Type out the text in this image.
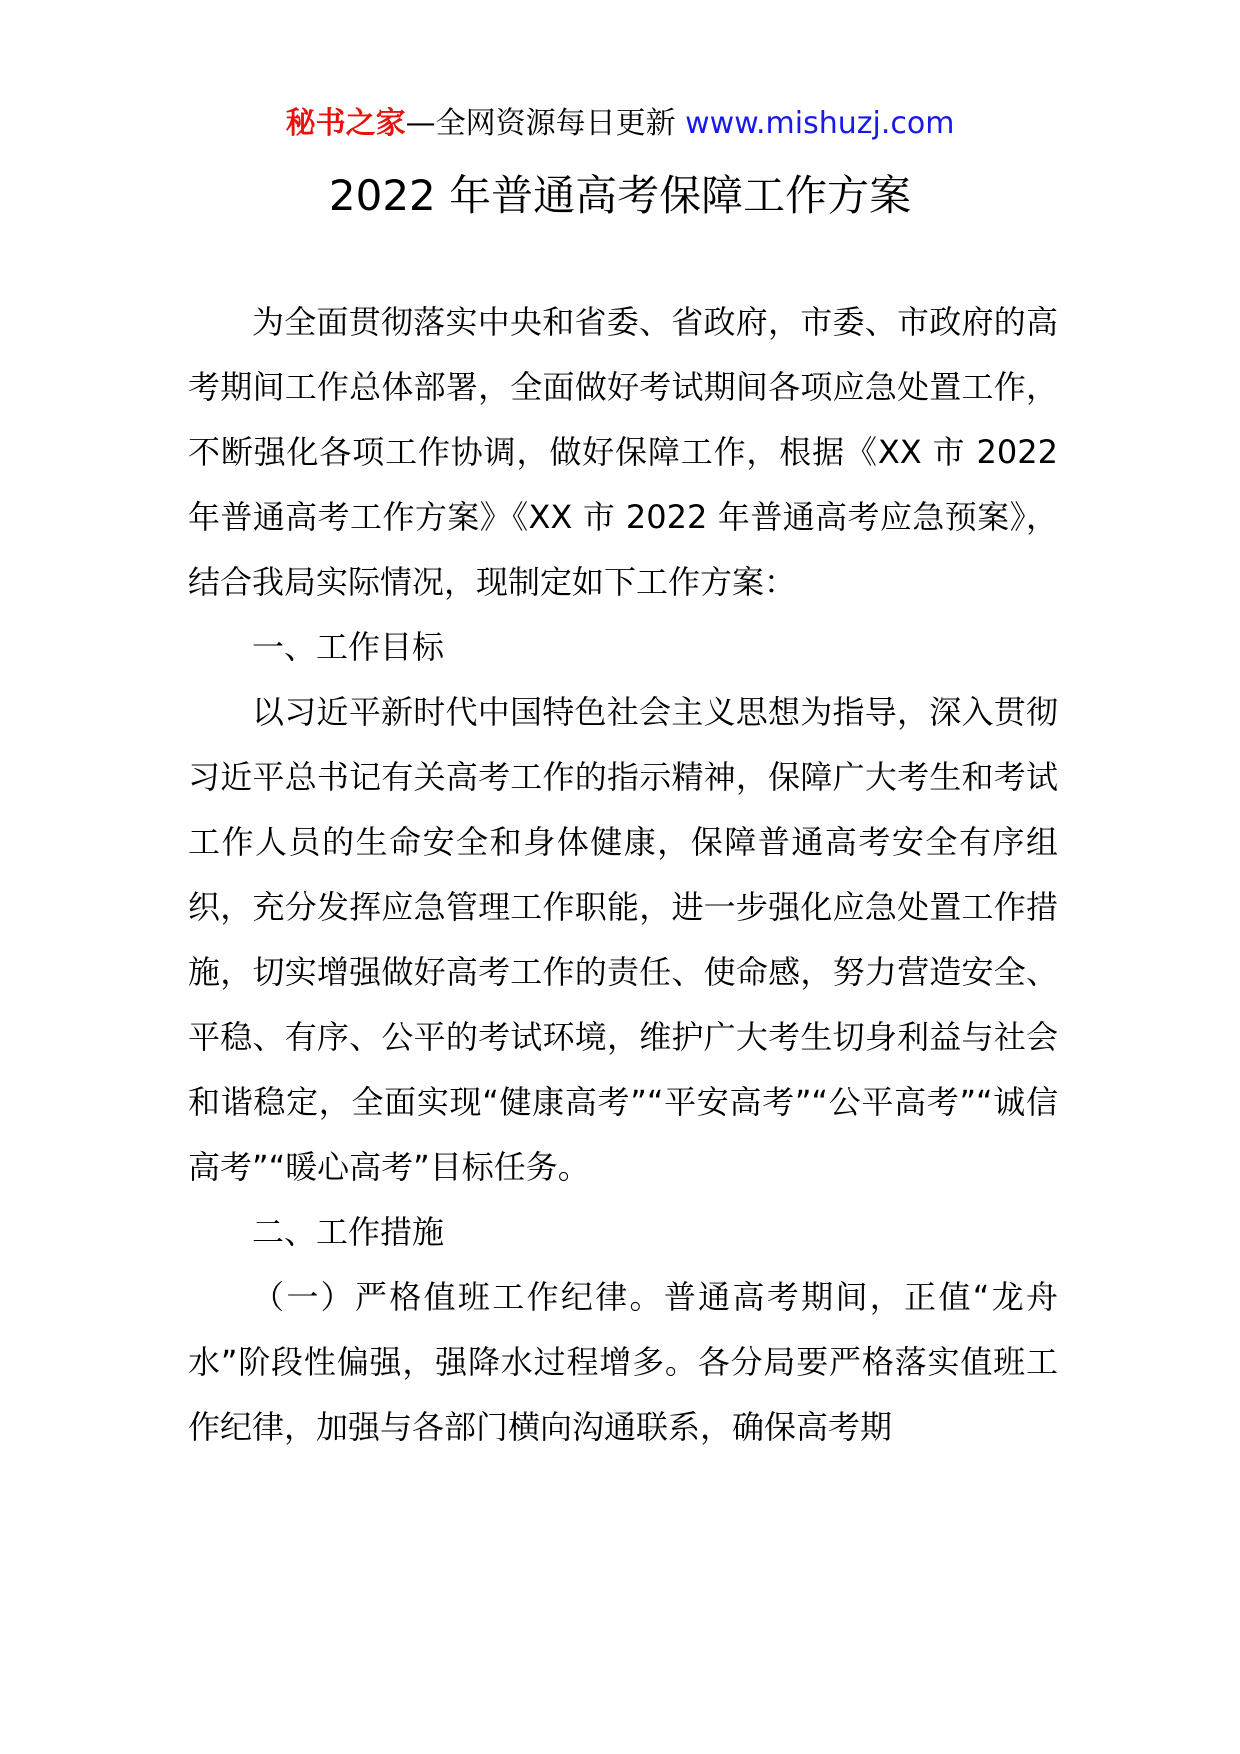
秘书之家—全网资源每日更新 www.mishuzj.com
2022 年普通高考保障工作方案

为全面贯彻落实中央和省委、省政府，市委、市政府的高考期间工作总体部署，全面做好考试期间各项应急处置工作，不断强化各项工作协调，做好保障工作，根据《XX 市 2022 年普通高考工作方案》《XX 市 2022 年普通高考应急预案》，结合我局实际情况，现制定如下工作方案：

一、工作目标

以习近平新时代中国特色社会主义思想为指导，深入贯彻习近平总书记有关高考工作的指示精神，保障广大考生和考试工作人员的生命安全和身体健康，保障普通高考安全有序组织，充分发挥应急管理工作职能，进一步强化应急处置工作措施，切实增强做好高考工作的责任、使命感，努力营造安全、平稳、有序、公平的考试环境，维护广大考生切身利益与社会和谐稳定，全面实现“健康高考”“平安高考”“公平高考”“诚信高考”“暖心高考”目标任务。

二、工作措施

（一）严格值班工作纪律。普通高考期间，正值“龙舟水”阶段性偏强，强降水过程增多。各分局要严格落实值班工作纪律，加强与各部门横向沟通联系，确保高考期
